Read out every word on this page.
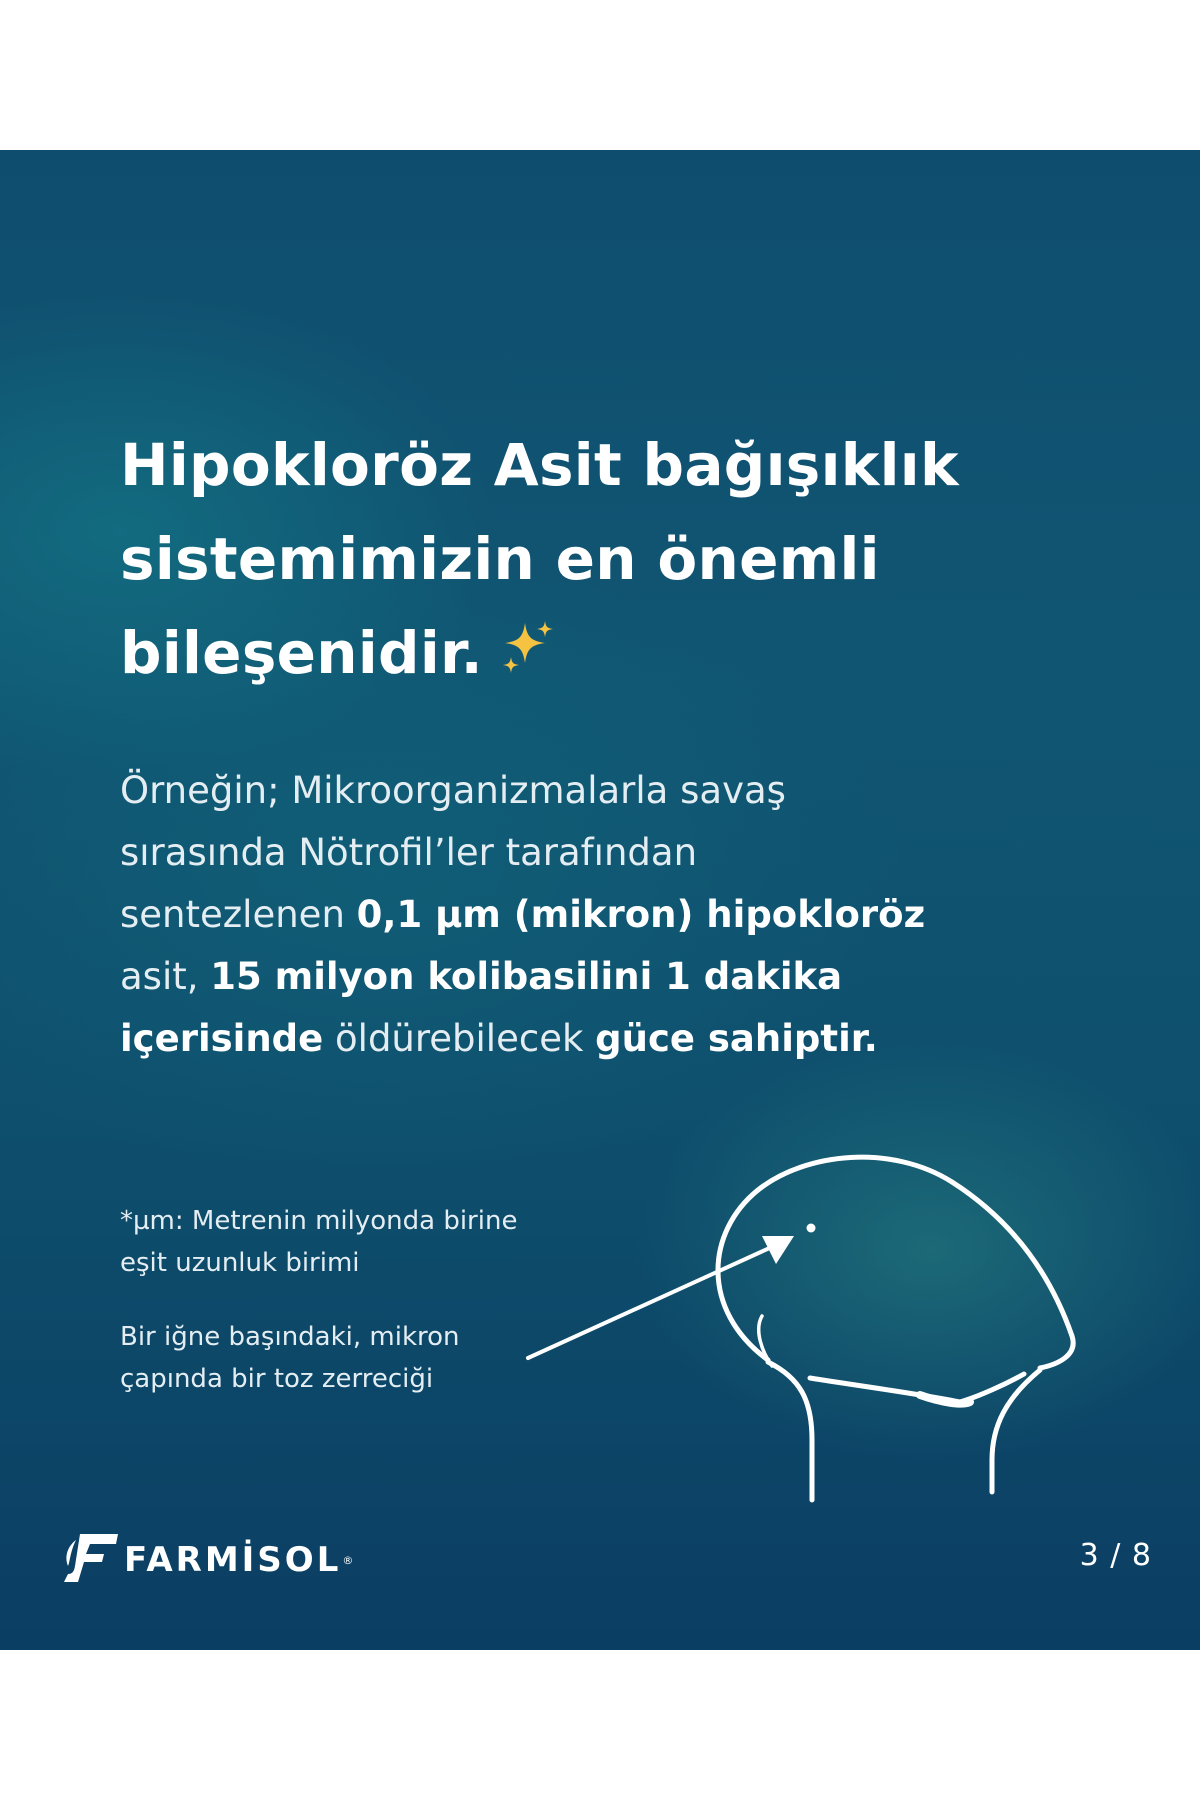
Hipokloröz Asit bağışıklık
sistemimizin en önemli
bileşenidir.

Örneğin; Mikroorganizmalarla savaş
sırasında Nötrofil’ler tarafından
sentezlenen 0,1 µm (mikron) hipokloröz
asit, 15 milyon kolibasilini 1 dakika
içerisinde öldürebilecek güce sahiptir.

*µm: Metrenin milyonda birine
eşit uzunluk birimi

Bir iğne başındaki, mikron
çapında bir toz zerreciği

FARMİSOL ®	3 / 8
